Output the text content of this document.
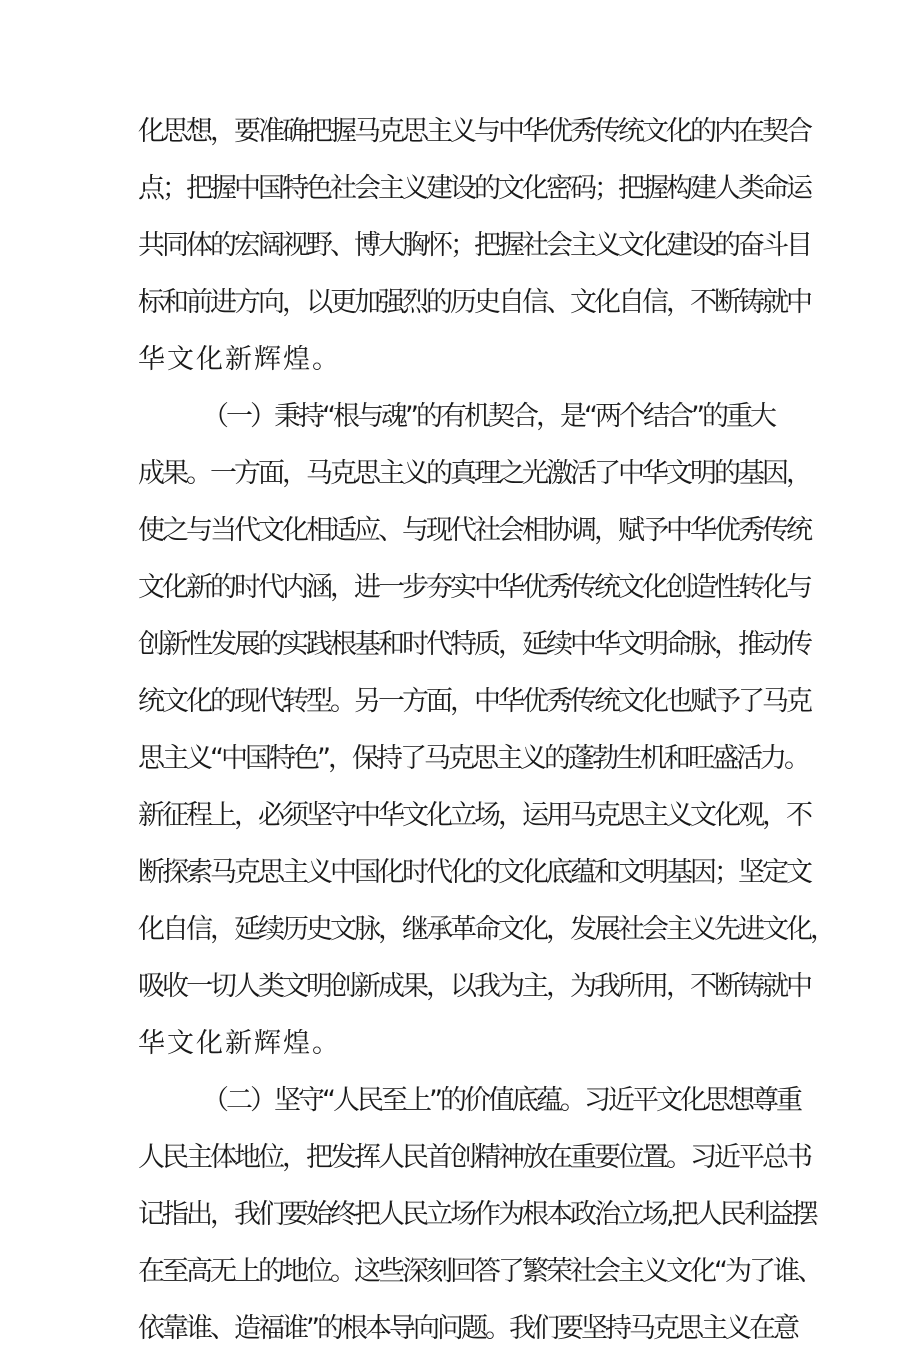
化思想，要准确把握马克思主义与中华优秀传统文化的内在契合
点；把握中国特色社会主义建设的文化密码；把握构建人类命运
共同体的宏阔视野、博大胸怀；把握社会主义文化建设的奋斗目
标和前进方向，以更加强烈的历史自信、文化自信，不断铸就中
华文化新辉煌。
（一）秉持“根与魂”的有机契合，是“两个结合”的重大
成果。一方面，马克思主义的真理之光激活了中华文明的基因，
使之与当代文化相适应、与现代社会相协调，赋予中华优秀传统
文化新的时代内涵，进一步夯实中华优秀传统文化创造性转化与
创新性发展的实践根基和时代特质，延续中华文明命脉，推动传
统文化的现代转型。另一方面，中华优秀传统文化也赋予了马克
思主义“中国特色”，保持了马克思主义的蓬勃生机和旺盛活力。
新征程上，必须坚守中华文化立场，运用马克思主义文化观，不
断探索马克思主义中国化时代化的文化底蕴和文明基因；坚定文
化自信，延续历史文脉，继承革命文化，发展社会主义先进文化，
吸收一切人类文明创新成果，以我为主，为我所用，不断铸就中
华文化新辉煌。
（二）坚守“人民至上”的价值底蕴。习近平文化思想尊重
人民主体地位，把发挥人民首创精神放在重要位置。习近平总书
记指出，我们要始终把人民立场作为根本政治立场,把人民利益摆
在至高无上的地位。这些深刻回答了繁荣社会主义文化“为了谁、
依靠谁、造福谁”的根本导向问题。我们要坚持马克思主义在意
